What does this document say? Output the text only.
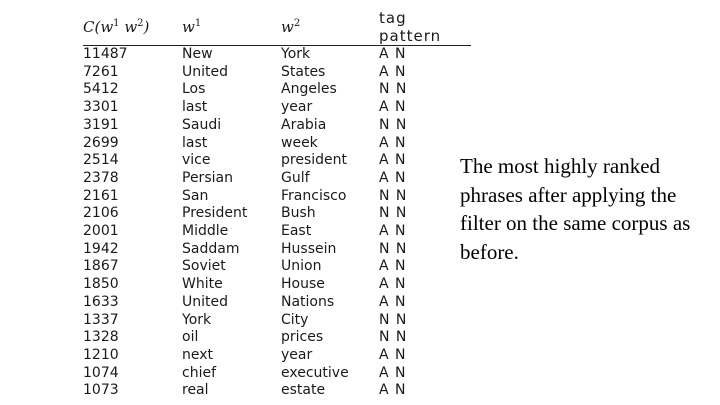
$C(w^1$ $w^2$)	$w^1$	$w^2$	tag pattern
11487	New	York	A N
7261	United	States	A N
5412	Los	Angeles	N N
3301	last	year	A N
3191	Saudi	Arabia	N N
2699	last	week	A N
2514	vice	president	A N
2378	Persian	Gulf	A N
2161	San	Francisco	N N
2106	President	Bush	N N
2001	Middle	East	A N
1942	Saddam	Hussein	N N
1867	Soviet	Union	A N
1850	White	House	A N
1633	United	Nations	A N
1337	York	City	N N
1328	oil	prices	N N
1210	next	year	A N
1074	chief	executive	A N
1073	real	estate	A N
The most highly ranked phrases after applying the filter on the same corpus as before.
